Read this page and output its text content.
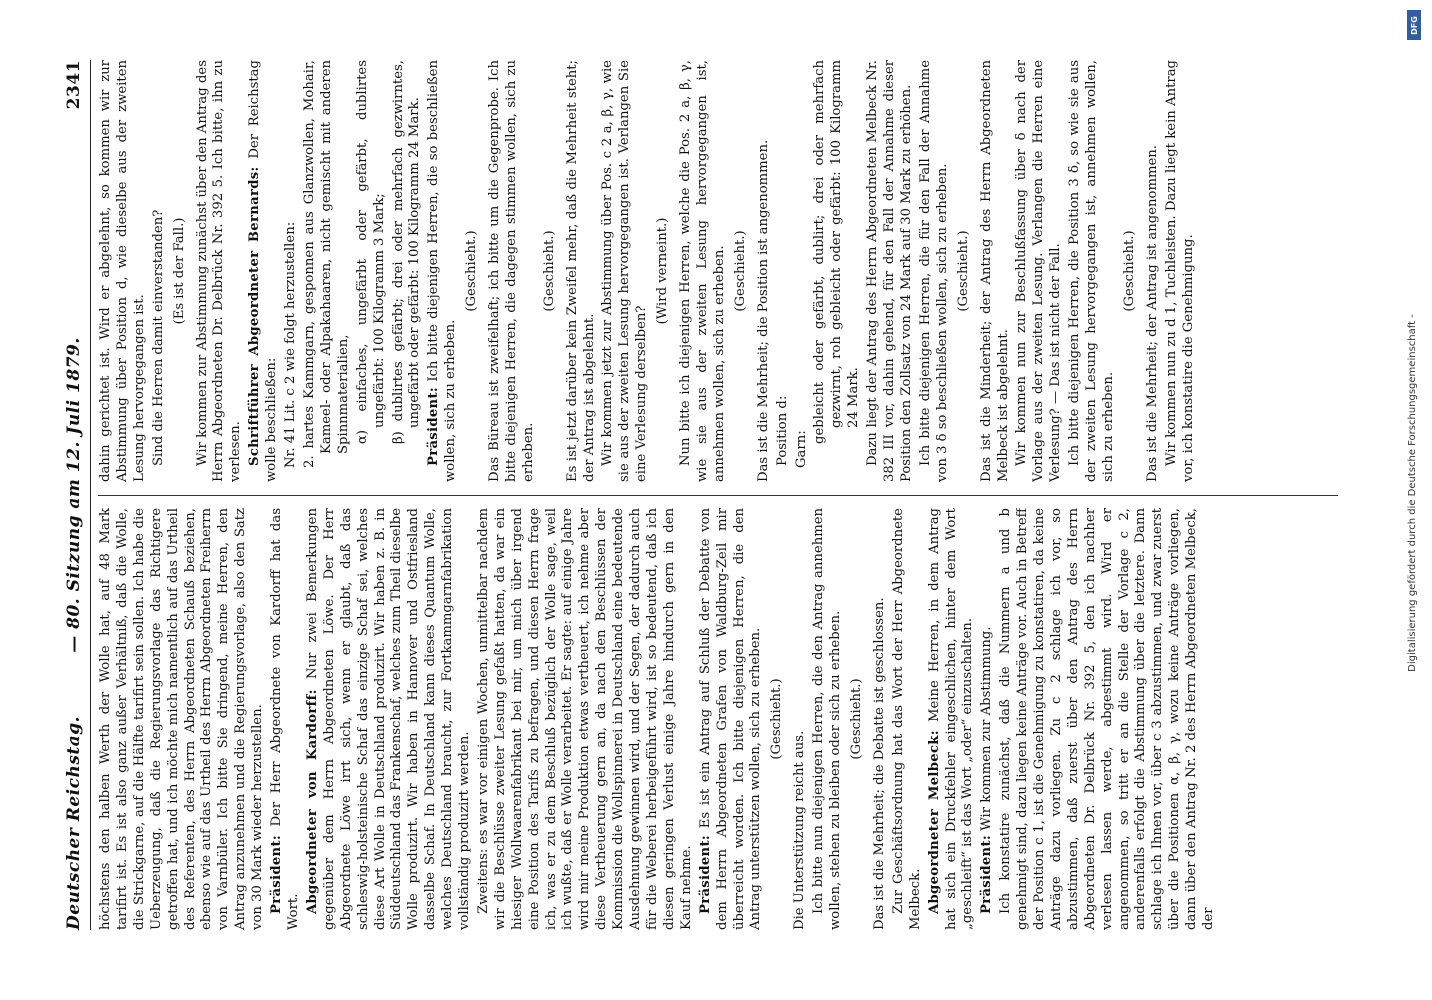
Deutscher Reichstag.
— 80. Sitzung am 12. Juli 1879.
2341

höchstens den halben Werth der Wolle hat, auf 48 Mark tarifirt ist. Es ist also ganz außer Verhältniß, daß die Wolle, die Strickgarne, auf die Hälfte tarifirt sein sollen. Ich habe die Ueberzeugung, daß die Regierungsvorlage das Richtigere getroffen hat, und ich möchte mich namentlich auf das Urtheil des Referenten, des Herrn Abgeordneten Schauß beziehen, ebenso wie auf das Urtheil des Herrn Abgeordneten Freiherrn von Varnbüler. Ich bitte Sie dringend, meine Herren, den Antrag anzunehmen und die Regierungsvorlage, also den Satz von 30 Mark wieder herzustellen. Präsident: Der Herr Abgeordnete von Kardorff hat das Wort. Abgeordneter von Kardorff: Nur zwei Bemerkungen gegenüber dem Herrn Abgeordneten Löwe. Der Herr Abgeordnete Löwe irrt sich, wenn er glaubt, daß das schleswig-holsteinische Schaf das einzige Schaf sei, welches diese Art Wolle in Deutschland produzirt. Wir haben z. B. in Süddeutschland das Frankenschaf, welches zum Theil dieselbe Wolle produzirt. Wir haben in Hannover und Ostfriesland dasselbe Schaf. In Deutschland kann dieses Quantum Wolle, welches Deutschland braucht, zur Fortkammgarnfabrikation vollständig produzirt werden. Zweitens: es war vor einigen Wochen, unmittelbar nachdem wir die Beschlüsse zweiter Lesung gefaßt hatten, da war ein hiesiger Wollwaarenfabrikant bei mir, um mich über irgend eine Position des Tarifs zu befragen, und diesen Herrn frage ich, was er zu dem Beschluß bezüglich der Wolle sage, weil ich wußte, daß er Wolle verarbeitet. Er sagte: auf einige Jahre wird mir meine Produktion etwas vertheuert, ich nehme aber diese Vertheuerung gern an, da nach den Beschlüssen der Kommission die Wollspinnerei in Deutschland eine bedeutende Ausdehnung gewinnen wird, und der Segen, der dadurch auch für die Weberei herbeigeführt wird, ist so bedeutend, daß ich diesen geringen Verlust einige Jahre hindurch gern in den Kauf nehme. Präsident: Es ist ein Antrag auf Schluß der Debatte von dem Herrn Abgeordneten Grafen von Waldburg-Zeil mir überreicht worden. Ich bitte diejenigen Herren, die den Antrag unterstützen wollen, sich zu erheben. (Geschieht.)

Die Unterstützung reicht aus. Ich bitte nun diejenigen Herren, die den Antrag annehmen wollen, stehen zu bleiben oder sich zu erheben. (Geschieht.) Das ist die Mehrheit; die Debatte ist geschlossen. Zur Geschäftsordnung hat das Wort der Herr Abgeordnete Melbeck. Abgeordneter Melbeck: Meine Herren, in dem Antrag hat sich ein Druckfehler eingeschlichen, hinter dem Wort „geschleift“ ist das Wort „oder“ einzuschalten. Präsident: Wir kommen zur Abstimmung. Ich konstatire zunächst, daß die Nummern a und b genehmigt sind, dazu liegen keine Anträge vor. Auch in Betreff der Position c 1, ist die Genehmigung zu konstatiren, da keine Anträge dazu vorliegen. Zu c 2 schlage ich vor, so abzustimmen, daß zuerst über den Antrag des Herrn Abgeordneten Dr. Delbrück Nr. 392 5, den ich nachher verlesen lassen werde, abgestimmt wird. Wird er angenommen, so tritt er an die Stelle der Vorlage c 2, anderenfalls erfolgt die Abstimmung über die letztere. Dann schlage ich Ihnen vor, über c 3 abzustimmen, und zwar zuerst über die Positionen α, β, γ, wozu keine Anträge vorliegen, dann über den Antrag Nr. 2 des Herrn Abgeordneten Melbeck, der

dahin gerichtet ist. Wird er abgelehnt, so kommen wir zur Abstimmung über Position d, wie dieselbe aus der zweiten Lesung hervorgegangen ist. Sind die Herren damit einverstanden? (Es ist der Fall.) Wir kommen zur Abstimmung zunächst über den Antrag des Herrn Abgeordneten Dr. Delbrück Nr. 392 5. Ich bitte, ihn zu verlesen. Schriftführer Abgeordneter Bernards: Der Reichstag wolle beschließen: Nr. 41 Lit. c 2 wie folgt herzustellen: 2. hartes Kammgarn, gesponnen aus Glanzwollen, Mohair, Kameel- oder Alpakahaaren, nicht gemischt mit anderen Spinnmaterialien, α) einfaches, ungefärbt oder gefärbt, dublirtes ungefärbt: 100 Kilogramm 3 Mark; β) dublirtes gefärbt; drei oder mehrfach gezwirntes, ungefärbt oder gefärbt: 100 Kilogramm 24 Mark. Präsident: Ich bitte diejenigen Herren, die so beschließen wollen, sich zu erheben.

(Geschieht.) Das Büreau ist zweifelhaft; ich bitte um die Gegenprobe. Ich bitte diejenigen Herren, die dagegen stimmen wollen, sich zu erheben.

(Geschieht.) Es ist jetzt darüber kein Zweifel mehr, daß die Mehrheit steht; der Antrag ist abgelehnt. Wir kommen jetzt zur Abstimmung über Pos. c 2 a, β, γ, wie sie aus der zweiten Lesung hervorgegangen ist. Verlangen Sie eine Verlesung derselben?

(Wird verneint.) Nun bitte ich diejenigen Herren, welche die Pos. 2 a, β, γ, wie sie aus der zweiten Lesung hervorgegangen ist, annehmen wollen, sich zu erheben. (Geschieht.) Das ist die Mehrheit; die Position ist angenommen. Position d: Garn:

gebleicht oder gefärbt, dublirt; drei oder mehrfach gezwirnt, roh gebleicht oder gefärbt: 100 Kilogramm 24 Mark. Dazu liegt der Antrag des Herrn Abgeordneten Melbeck Nr. 382 III vor, dahin gehend, für den Fall der Annahme dieser Position den Zollsatz von 24 Mark auf 30 Mark zu erhöhen. Ich bitte diejenigen Herren, die für den Fall der Annahme von 3 δ so beschließen wollen, sich zu erheben. (Geschieht.) Das ist die Minderheit; der Antrag des Herrn Abgeordneten Melbeck ist abgelehnt. Wir kommen nun zur Beschlußfassung über δ nach der Vorlage aus der zweiten Lesung. Verlangen die Herren eine Verlesung? — Das ist nicht der Fall. Ich bitte diejenigen Herren, die Position 3 δ, so wie sie aus der zweiten Lesung hervorgegangen ist, annehmen wollen, sich zu erheben.

(Geschieht.) Das ist die Mehrheit; der Antrag ist angenommen. Wir kommen nun zu d 1, Tuchleisten. Dazu liegt kein Antrag vor, ich konstatire die Genehmigung.

DFG
Digitalisierung gefördert durch die Deutsche Forschungsgemeinschaft -
